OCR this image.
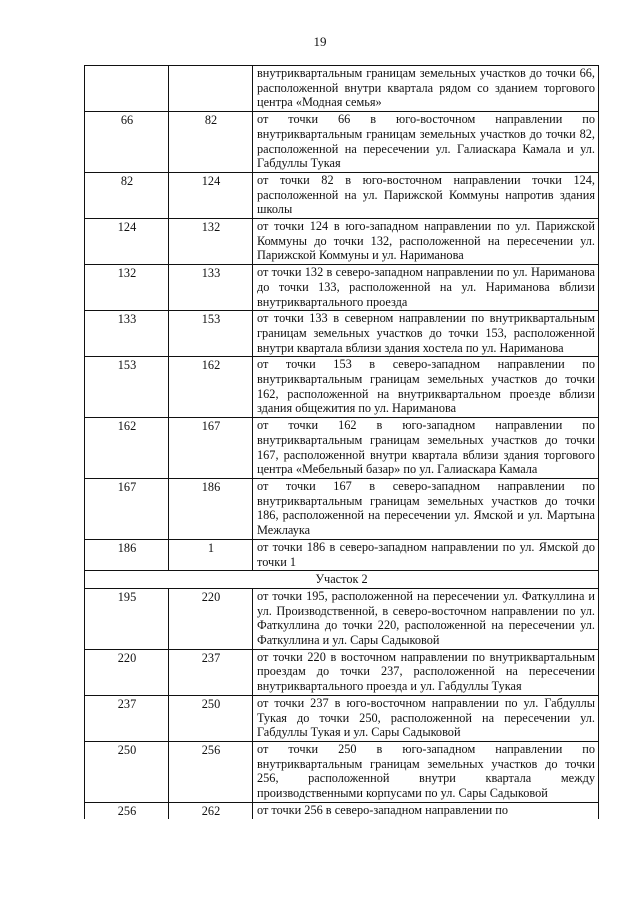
19
		внутриквартальным границам земельных участков до точки 66, расположенной внутри квартала рядом со зданием торгового центра «Модная семья»
66	82	от точки 66 в юго-восточном направлении по внутриквартальным границам земельных участков до точки 82, расположенной на пересечении ул. Галиаскара Камала и ул. Габдуллы Тукая
82	124	от точки 82 в юго-восточном направлении точки 124, расположенной на ул. Парижской Коммуны напротив здания школы
124	132	от точки 124 в юго-западном направлении по ул. Парижской Коммуны до точки 132, расположенной на пересечении ул. Парижской Коммуны и ул. Нариманова
132	133	от точки 132 в северо-западном направлении по ул. Нариманова до точки 133, расположенной на ул. Нариманова вблизи внутриквартального проезда
133	153	от точки 133 в северном направлении по внутриквартальным границам земельных участков до точки 153, расположенной внутри квартала вблизи здания хостела по ул. Нариманова
153	162	от точки 153 в северо-западном направлении по внутриквартальным границам земельных участков до точки 162, расположенной на внутриквартальном проезде вблизи здания общежития по ул. Нариманова
162	167	от точки 162 в юго-западном направлении по внутриквартальным границам земельных участков до точки 167, расположенной внутри квартала вблизи здания торгового центра «Мебельный базар» по ул. Галиаскара Камала
167	186	от точки 167 в северо-западном направлении по внутриквартальным границам земельных участков до точки 186, расположенной на пересечении ул. Ямской и ул. Мартына Межлаука
186	1	от точки 186 в северо-западном направлении по ул. Ямской до точки 1
Участок 2		
195	220	от точки 195, расположенной на пересечении ул. Фаткуллина и ул. Производственной, в северо-восточном направлении по ул. Фаткуллина до точки 220, расположенной на пересечении ул. Фаткуллина и ул. Сары Садыковой
220	237	от точки 220 в восточном направлении по внутриквартальным проездам до точки 237, расположенной на пересечении внутриквартального проезда и ул. Габдуллы Тукая
237	250	от точки 237 в юго-восточном направлении по ул. Габдуллы Тукая до точки 250, расположенной на пересечении ул. Габдуллы Тукая и ул. Сары Садыковой
250	256	от точки 250 в юго-западном направлении по внутриквартальным границам земельных участков до точки 256, расположенной внутри квартала между производственными корпусами по ул. Сары Садыковой
256	262	от точки 256 в северо-западном направлении по
